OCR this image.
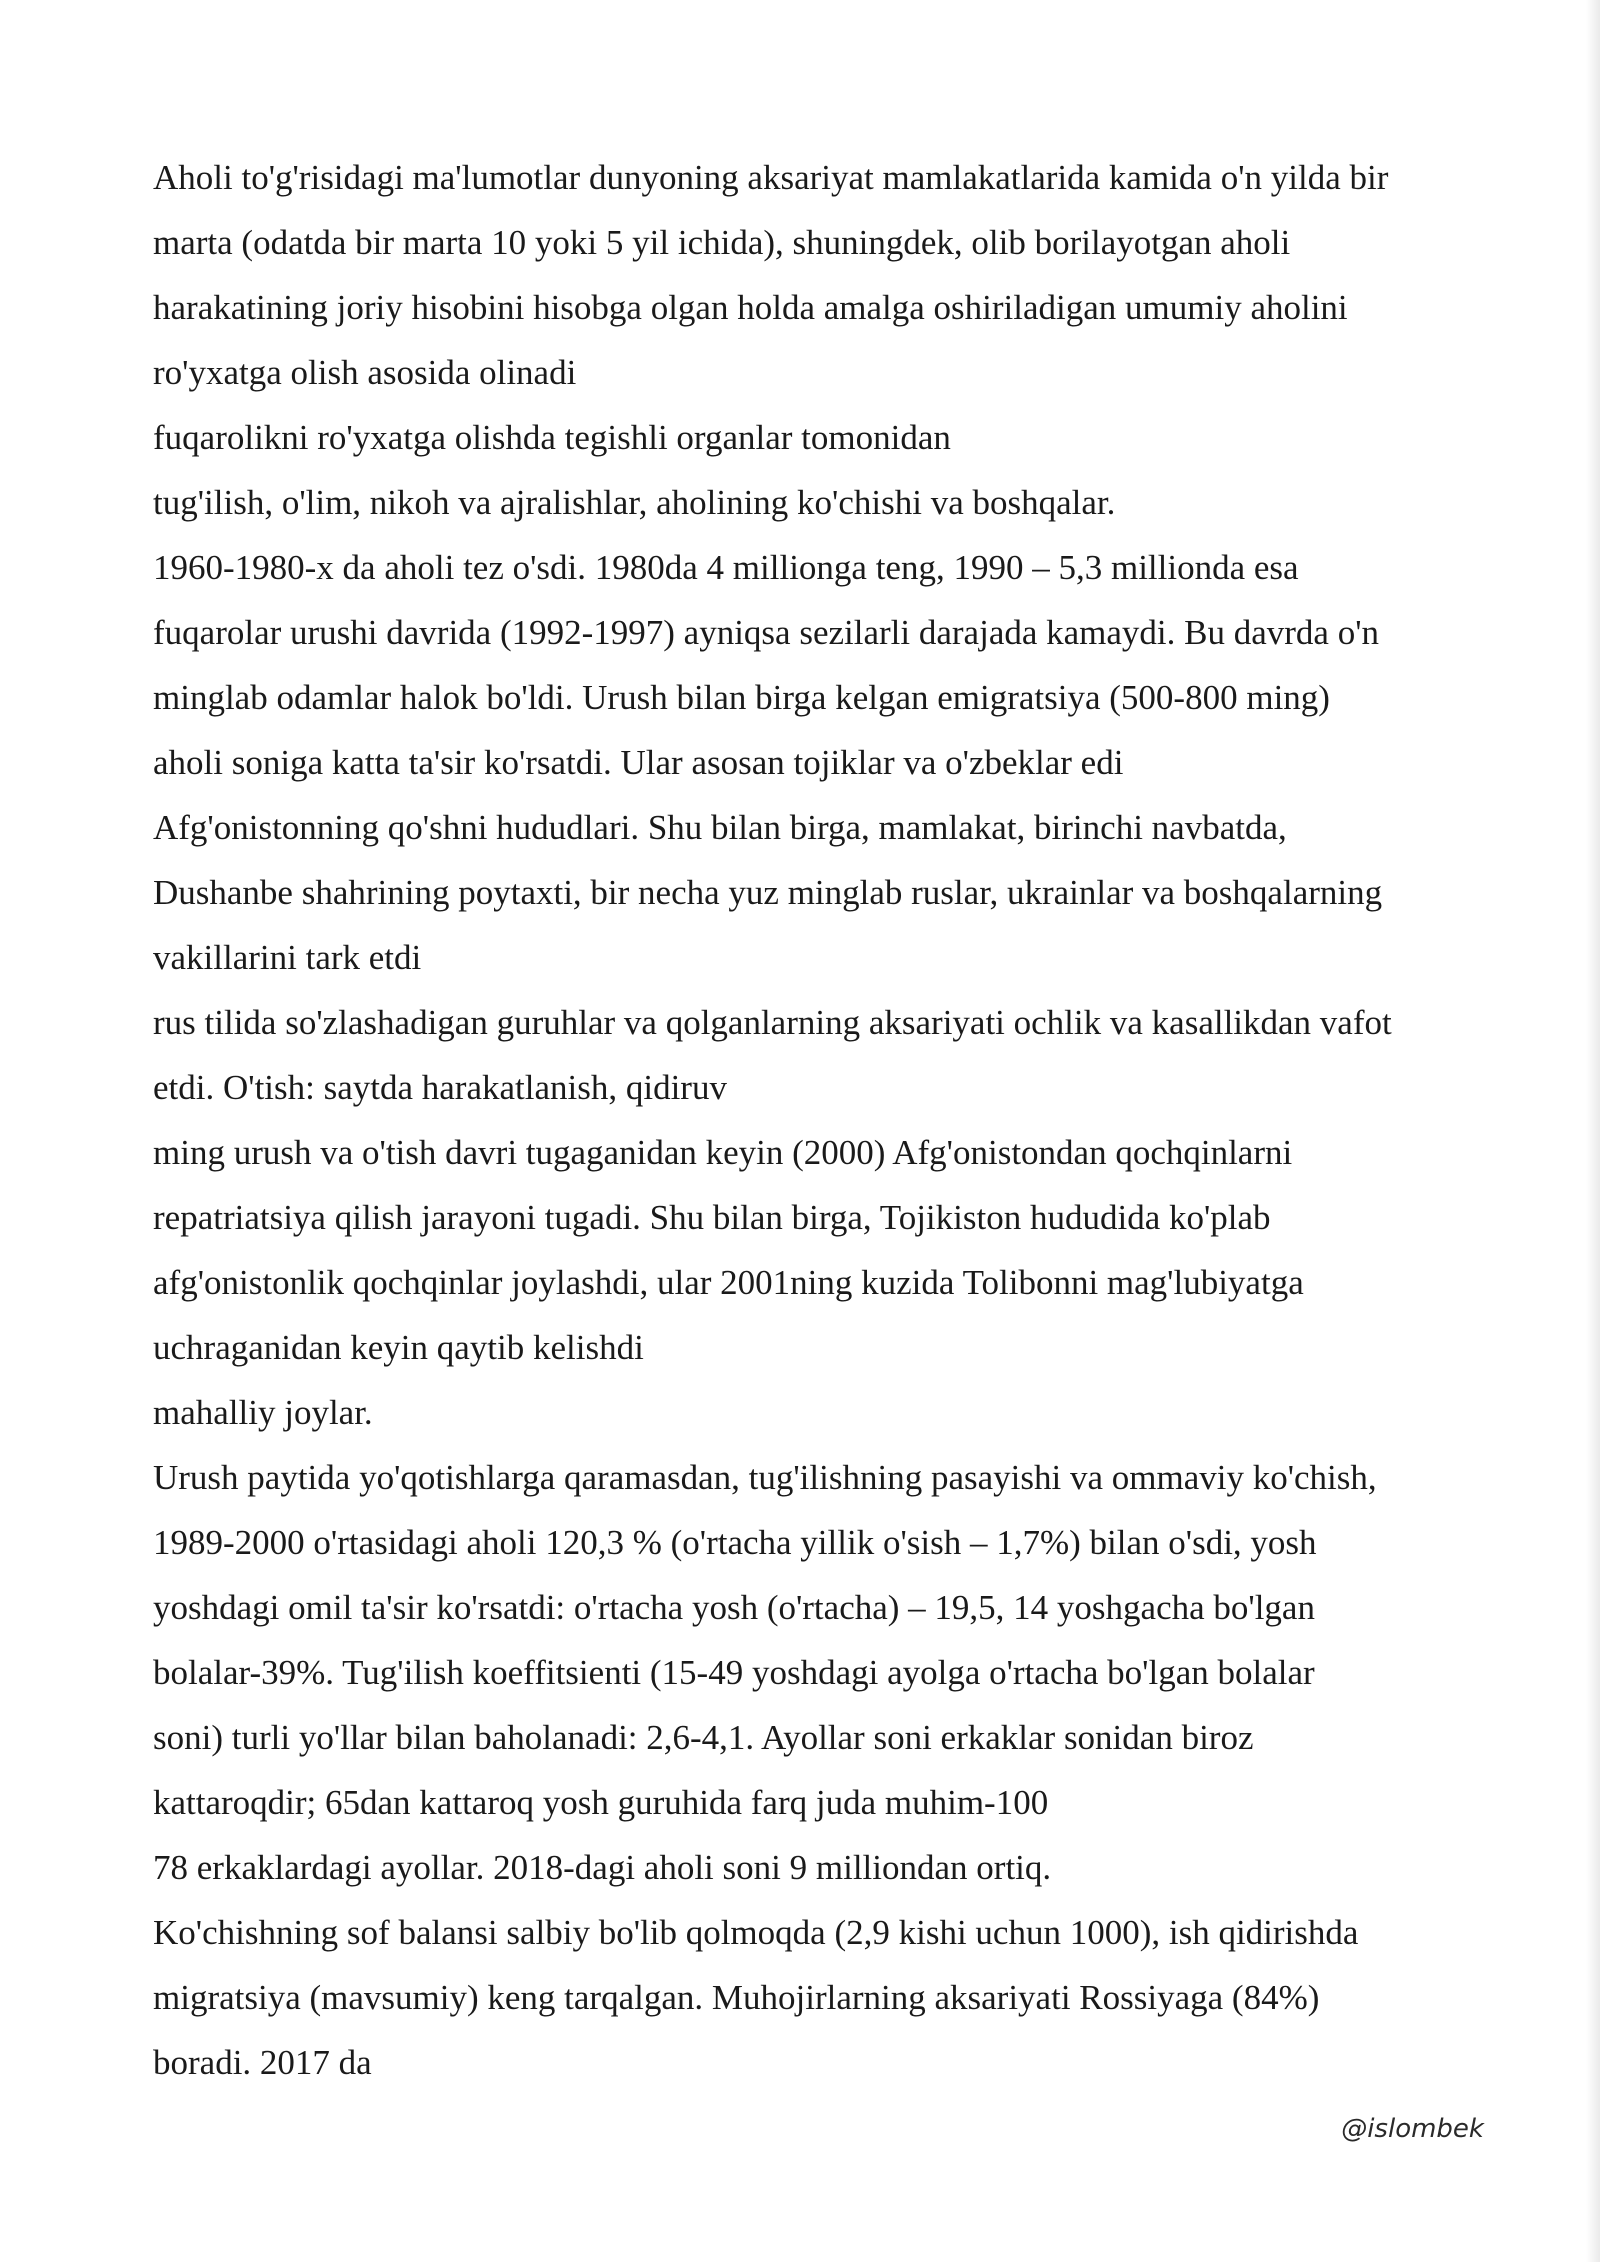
Aholi to'g'risidagi ma'lumotlar dunyoning aksariyat mamlakatlarida kamida o'n yilda bir
marta (odatda bir marta 10 yoki 5 yil ichida), shuningdek, olib borilayotgan aholi
harakatining joriy hisobini hisobga olgan holda amalga oshiriladigan umumiy aholini
ro'yxatga olish asosida olinadi
fuqarolikni ro'yxatga olishda tegishli organlar tomonidan
tug'ilish, o'lim, nikoh va ajralishlar, aholining ko'chishi va boshqalar.
1960-1980-x da aholi tez o'sdi. 1980da 4 millionga teng, 1990 – 5,3 millionda esa
fuqarolar urushi davrida (1992-1997) ayniqsa sezilarli darajada kamaydi. Bu davrda o'n
minglab odamlar halok bo'ldi. Urush bilan birga kelgan emigratsiya (500-800 ming)
aholi soniga katta ta'sir ko'rsatdi. Ular asosan tojiklar va o'zbeklar edi
Afg'onistonning qo'shni hududlari. Shu bilan birga, mamlakat, birinchi navbatda,
Dushanbe shahrining poytaxti, bir necha yuz minglab ruslar, ukrainlar va boshqalarning
vakillarini tark etdi
rus tilida so'zlashadigan guruhlar va qolganlarning aksariyati ochlik va kasallikdan vafot
etdi. O'tish: saytda harakatlanish, qidiruv
ming urush va o'tish davri tugaganidan keyin (2000) Afg'onistondan qochqinlarni
repatriatsiya qilish jarayoni tugadi. Shu bilan birga, Tojikiston hududida ko'plab
afg'onistonlik qochqinlar joylashdi, ular 2001ning kuzida Tolibonni mag'lubiyatga
uchraganidan keyin qaytib kelishdi
mahalliy joylar.
Urush paytida yo'qotishlarga qaramasdan, tug'ilishning pasayishi va ommaviy ko'chish,
1989-2000 o'rtasidagi aholi 120,3 % (o'rtacha yillik o'sish – 1,7%) bilan o'sdi, yosh
yoshdagi omil ta'sir ko'rsatdi: o'rtacha yosh (o'rtacha) – 19,5, 14 yoshgacha bo'lgan
bolalar-39%. Tug'ilish koeffitsienti (15-49 yoshdagi ayolga o'rtacha bo'lgan bolalar
soni) turli yo'llar bilan baholanadi: 2,6-4,1. Ayollar soni erkaklar sonidan biroz
kattaroqdir; 65dan kattaroq yosh guruhida farq juda muhim-100
78 erkaklardagi ayollar. 2018-dagi aholi soni 9 milliondan ortiq.
Ko'chishning sof balansi salbiy bo'lib qolmoqda (2,9 kishi uchun 1000), ish qidirishda
migratsiya (mavsumiy) keng tarqalgan. Muhojirlarning aksariyati Rossiyaga (84%)
boradi. 2017 da
@islombek
